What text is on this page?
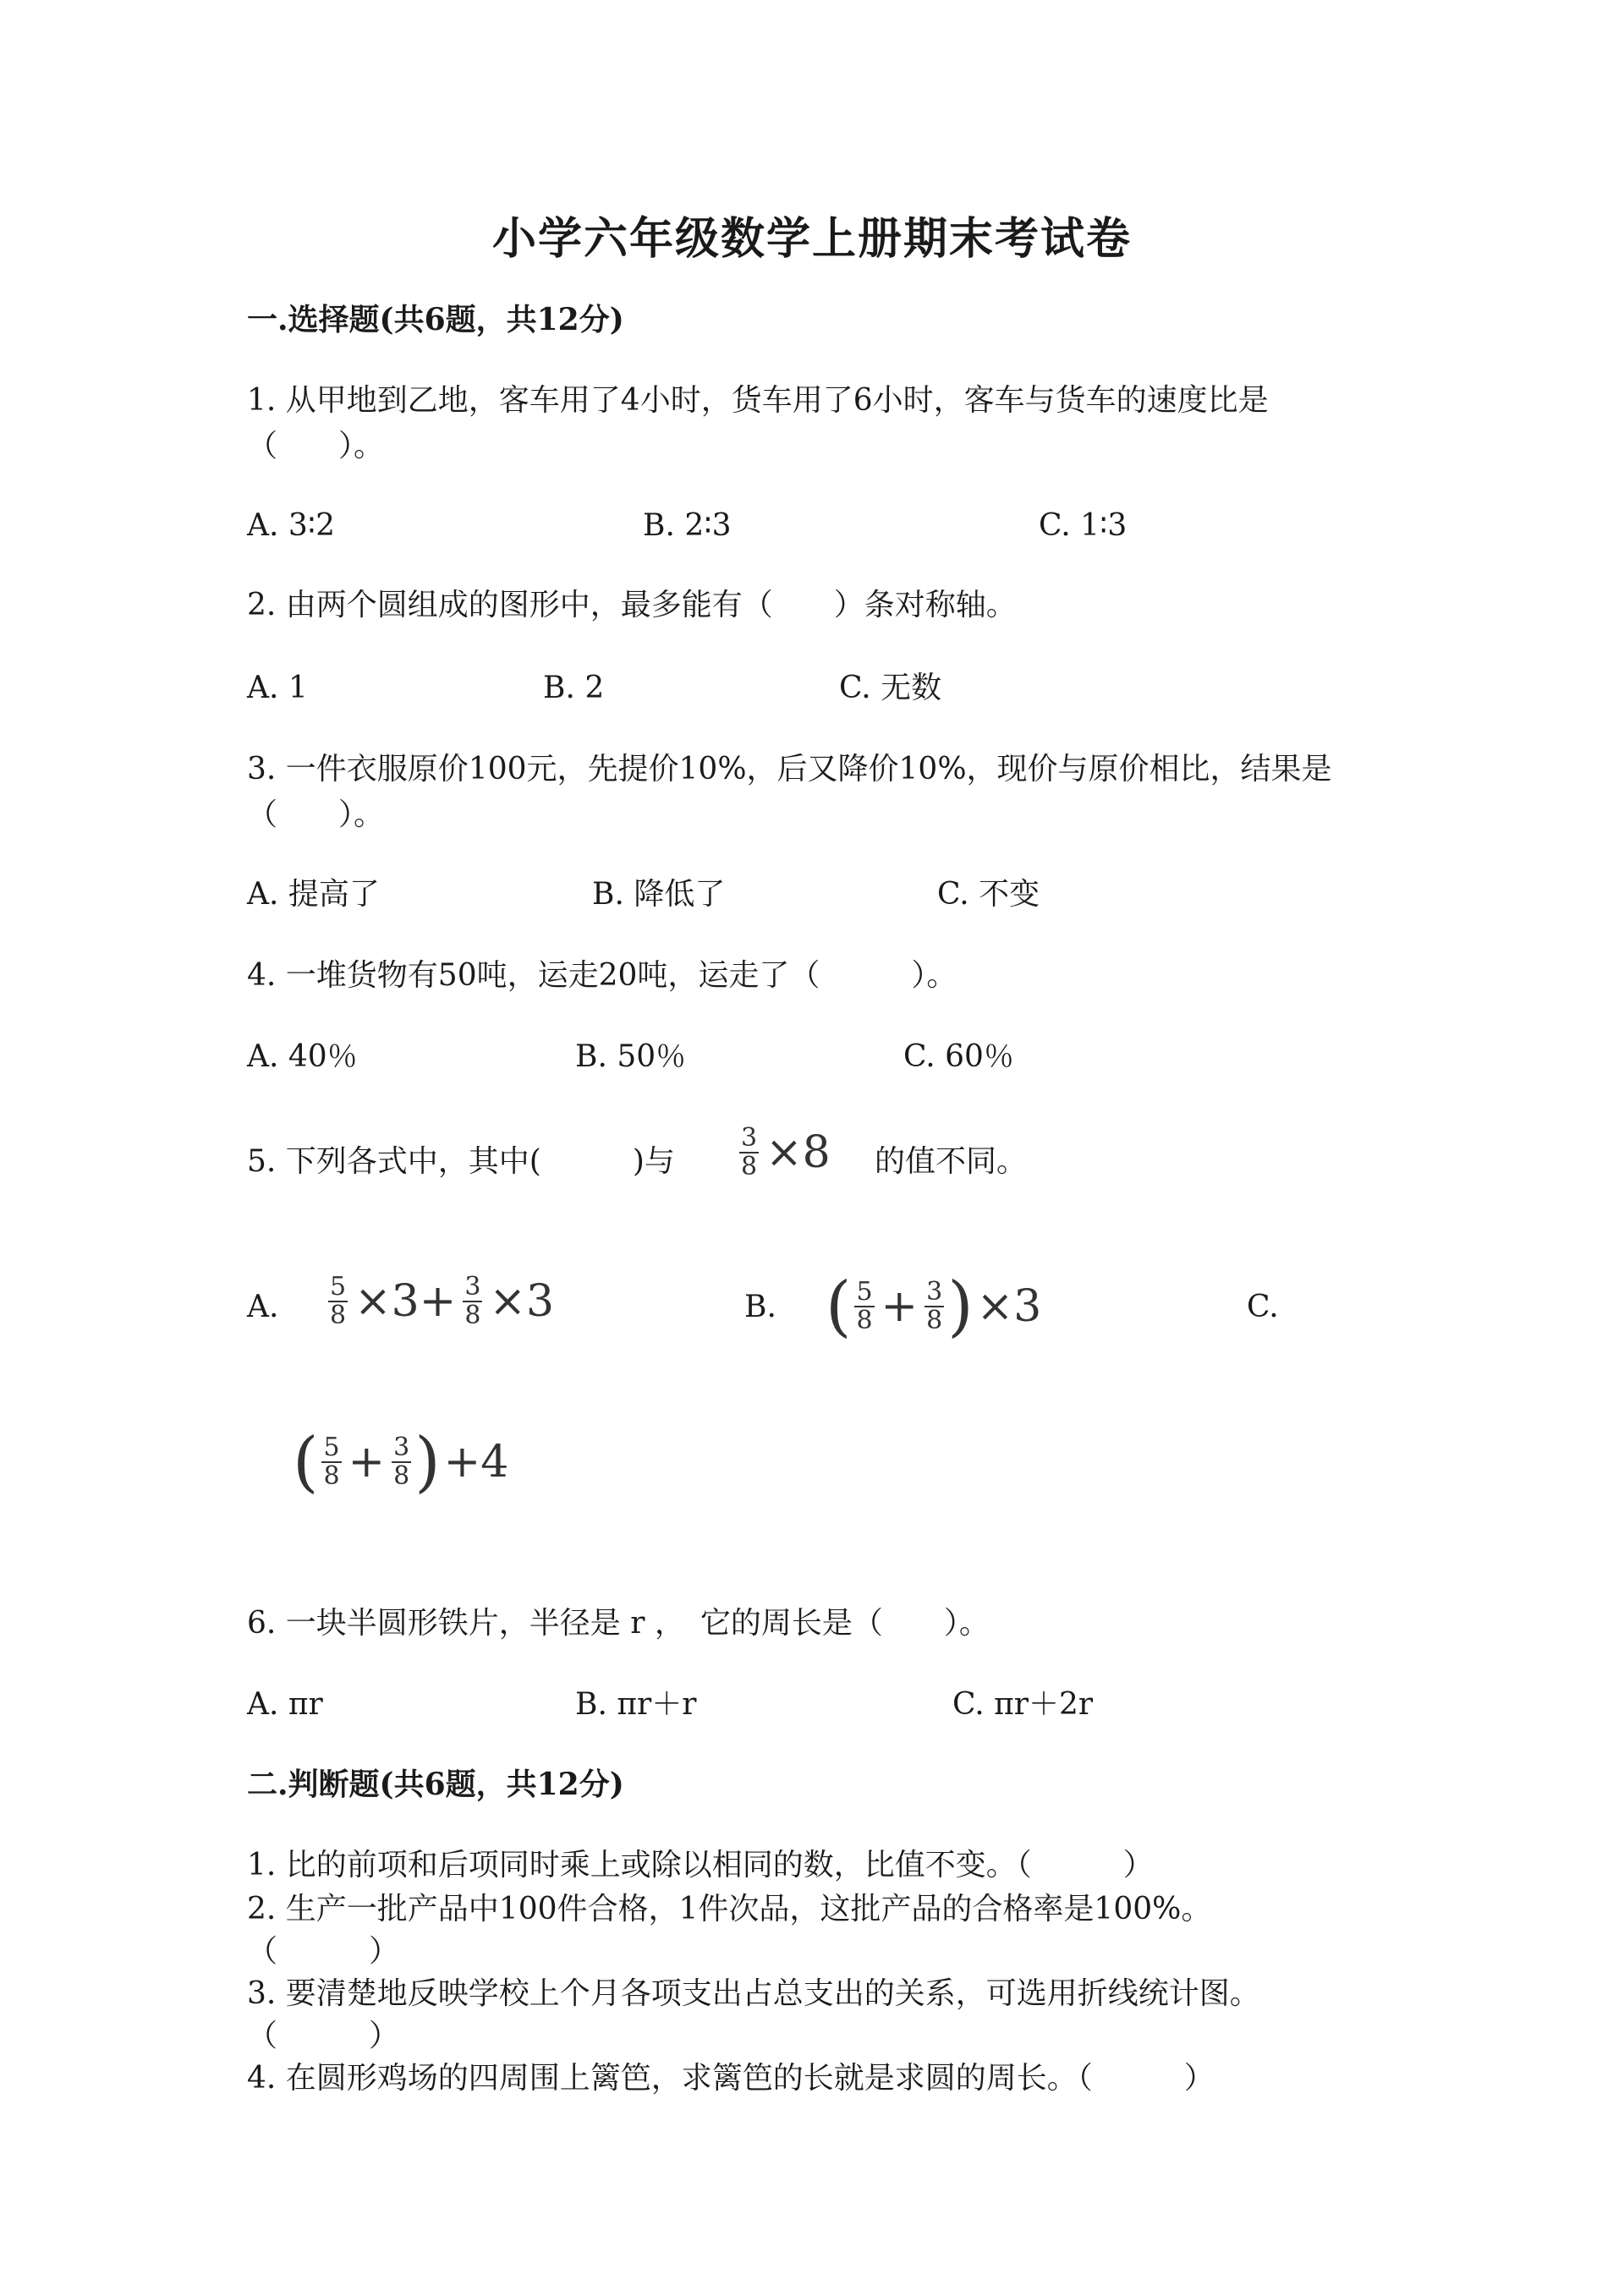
小学六年级数学上册期末考试卷
一.选择题(共6题，共12分)
1. 从甲地到乙地，客车用了4小时，货车用了6小时，客车与货车的速度比是
（　　）。
A. 3∶2	B. 2∶3	C. 1∶3
2. 由两个圆组成的图形中，最多能有（　　）条对称轴。
A. 1	B. 2	C. 无数
3. 一件衣服原价100元，先提价10%，后又降价10%，现价与原价相比，结果是
（　　）。
A. 提高了	B. 降低了	C. 不变
4. 一堆货物有50吨，运走20吨，运走了（　　　）。
A. 40％	B. 50％	C. 60％
5. 下列各式中，其中(　　　)与	$\frac{3}{8} \times 8$ 的值不同。
A. $\frac{5}{8} \times 3+ \frac{3}{8} \times 3$	B. ( $\frac{5}{8} + \frac{3}{8}$ ) ×3	C.
( $\frac{5}{8} + \frac{3}{8}$ ) +4
6. 一块半圆形铁片，半径是 r ，　它的周长是（　　）。
A. πr	B. πr＋r	C. πr＋2r
二.判断题(共6题，共12分)
1. 比的前项和后项同时乘上或除以相同的数，比值不变。（　　　）
2. 生产一批产品中100件合格，1件次品，这批产品的合格率是100%。
（　　　）
3. 要清楚地反映学校上个月各项支出占总支出的关系，可选用折线统计图。
（　　　）
4. 在圆形鸡场的四周围上篱笆，求篱笆的长就是求圆的周长。（　　　）
